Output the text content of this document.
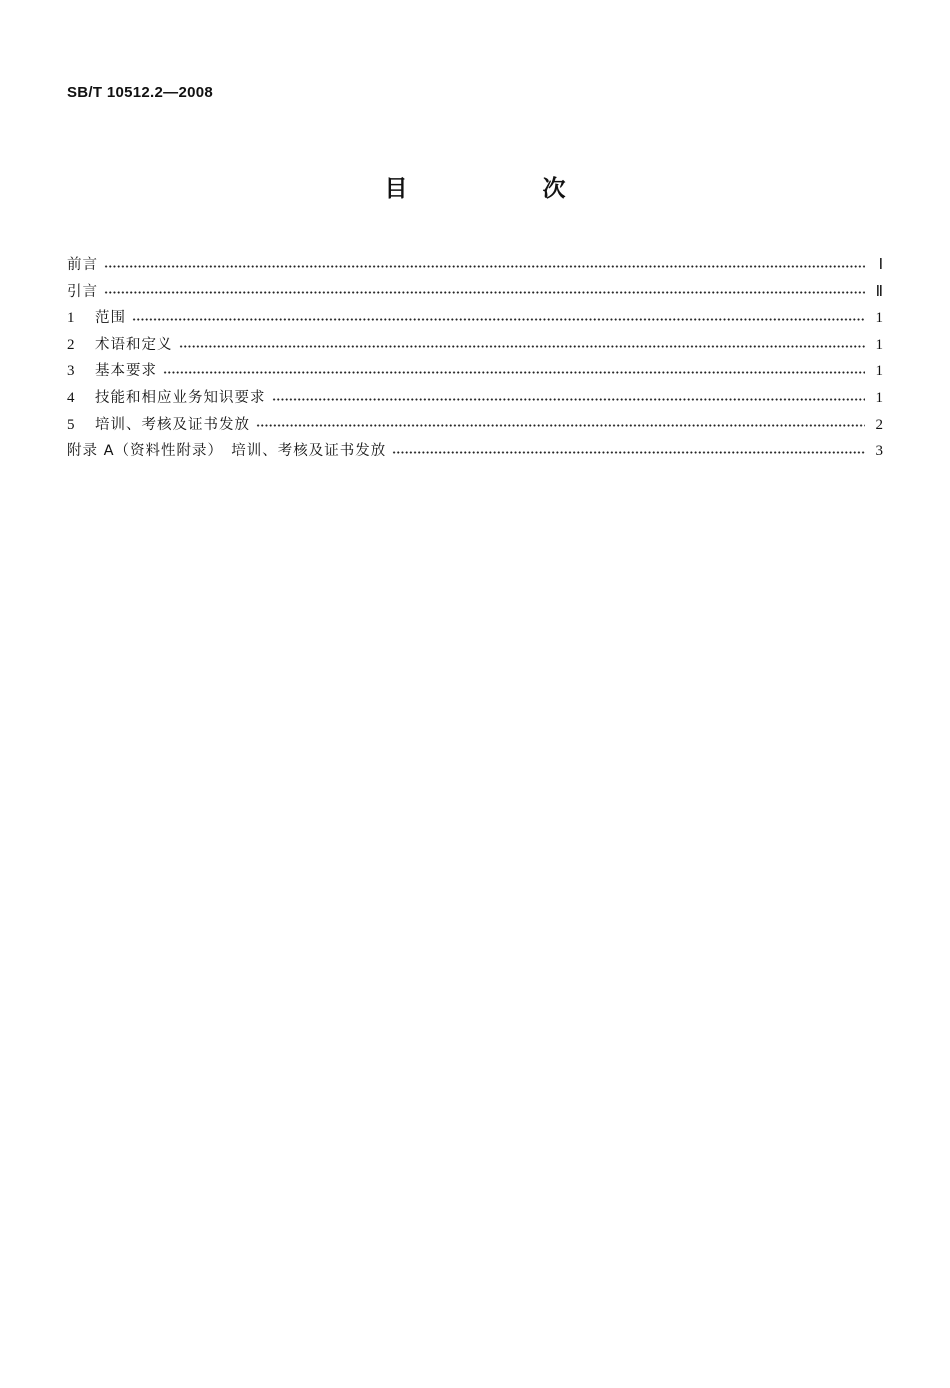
SB/T 10512.2—2008
目　次
前言	Ⅰ
引言	Ⅱ
1	范围	1
2	术语和定义	1
3	基本要求	1
4	技能和相应业务知识要求	1
5	培训、考核及证书发放	2
附录 A（资料性附录）　培训、考核及证书发放	3
